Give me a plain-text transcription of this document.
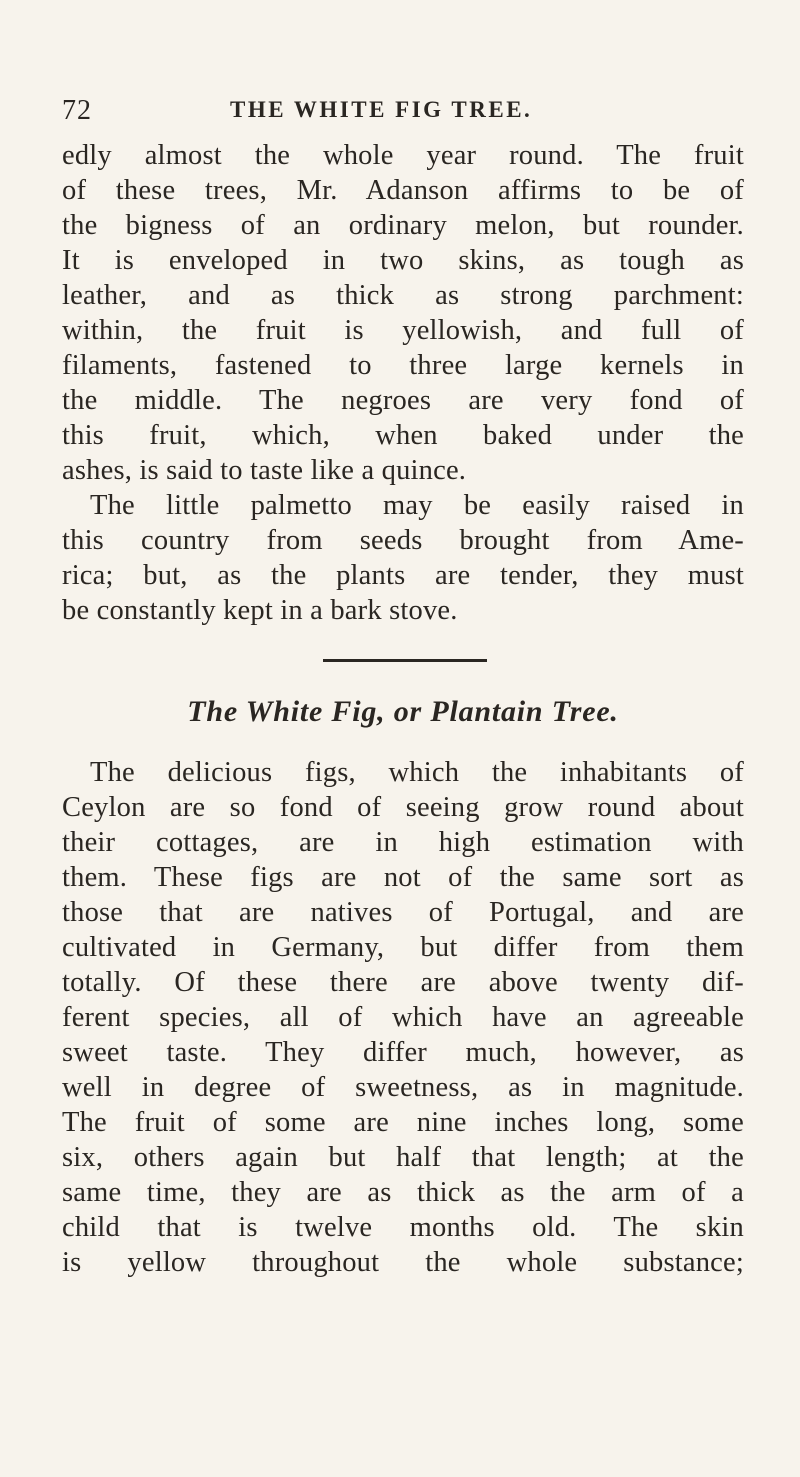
72	THE WHITE FIG TREE.
edly almost the whole year round. The fruit
of these trees, Mr. Adanson affirms to be of
the bigness of an ordinary melon, but rounder.
It is enveloped in two skins, as tough as
leather, and as thick as strong parchment:
within, the fruit is yellowish, and full of
filaments, fastened to three large kernels in
the middle. The negroes are very fond of
this fruit, which, when baked under the
ashes, is said to taste like a quince.
The little palmetto may be easily raised in
this country from seeds brought from Ame-
rica; but, as the plants are tender, they must
be constantly kept in a bark stove.
The White Fig, or Plantain Tree.
The delicious figs, which the inhabitants of
Ceylon are so fond of seeing grow round about
their cottages, are in high estimation with
them. These figs are not of the same sort as
those that are natives of Portugal, and are
cultivated in Germany, but differ from them
totally. Of these there are above twenty dif-
ferent species, all of which have an agreeable
sweet taste. They differ much, however, as
well in degree of sweetness, as in magnitude.
The fruit of some are nine inches long, some
six, others again but half that length; at the
same time, they are as thick as the arm of a
child that is twelve months old. The skin
is yellow throughout the whole substance;
